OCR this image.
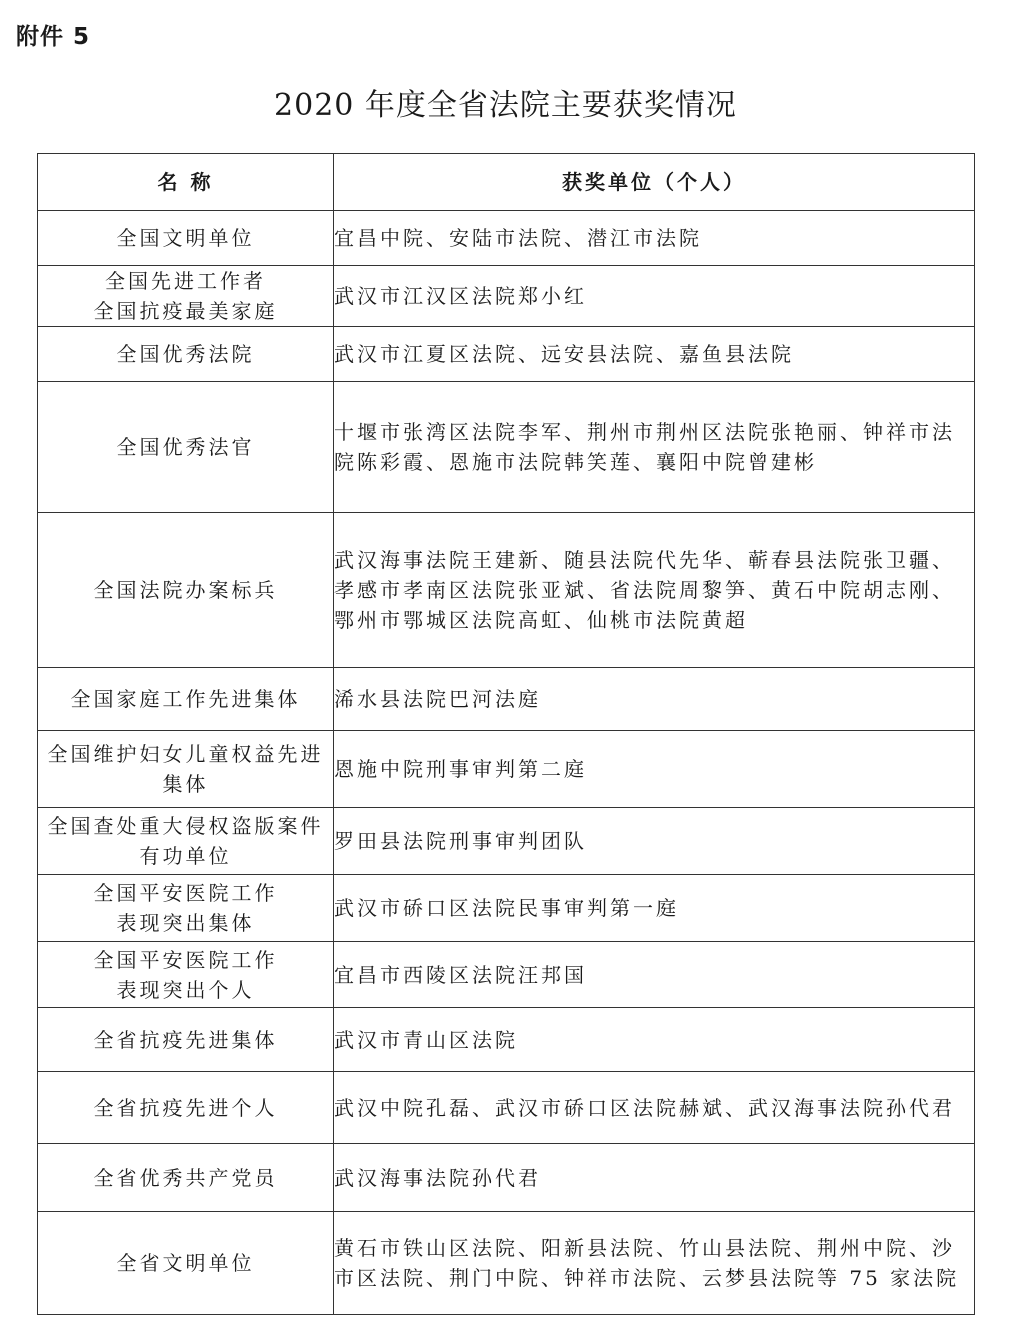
附件 5
2020 年度全省法院主要获奖情况
名 称	获奖单位（个人）

全国文明单位	宜昌中院、安陆市法院、潜江市法院

全国先进工作者
全国抗疫最美家庭	武汉市江汉区法院郑小红

全国优秀法院	武汉市江夏区法院、远安县法院、嘉鱼县法院

全国优秀法官	十堰市张湾区法院李军、荆州市荆州区法院张艳丽、钟祥市法院陈彩霞、恩施市法院韩笑莲、襄阳中院曾建彬

全国法院办案标兵	武汉海事法院王建新、随县法院代先华、蕲春县法院张卫疆、孝感市孝南区法院张亚斌、省法院周黎笋、黄石中院胡志刚、鄂州市鄂城区法院高虹、仙桃市法院黄超

全国家庭工作先进集体	浠水县法院巴河法庭

全国维护妇女儿童权益先进
集体	恩施中院刑事审判第二庭

全国查处重大侵权盗版案件
有功单位	罗田县法院刑事审判团队

全国平安医院工作
表现突出集体	武汉市硚口区法院民事审判第一庭

全国平安医院工作
表现突出个人	宜昌市西陵区法院汪邦国

全省抗疫先进集体	武汉市青山区法院

全省抗疫先进个人	武汉中院孔磊、武汉市硚口区法院赫斌、武汉海事法院孙代君

全省优秀共产党员	武汉海事法院孙代君

全省文明单位	黄石市铁山区法院、阳新县法院、竹山县法院、荆州中院、沙市区法院、荆门中院、钟祥市法院、云梦县法院等 75 家法院
